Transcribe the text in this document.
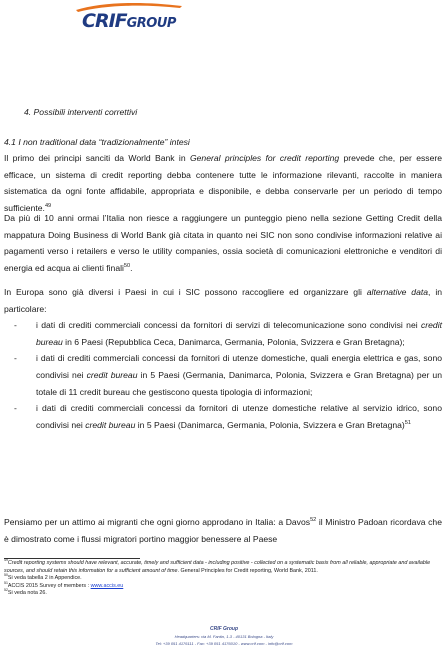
CRIFGROUP
4. Possibili interventi correttivi
4.1 I non traditional data “tradizionalmente” intesi
Il primo dei principi sanciti da World Bank in General principles for credit reporting prevede che, per essere efficace, un sistema di credit reporting debba contenere tutte le informazione rilevanti, raccolte in maniera sistematica da ogni fonte affidabile, appropriata e disponibile, e debba conservarle per un periodo di tempo sufficiente.$^{49}$
Da più di 10 anni ormai l’Italia non riesce a raggiungere un punteggio pieno nella sezione Getting Credit della mappatura Doing Business di World Bank già citata in quanto nei SIC non sono condivise informazioni relative ai pagamenti verso i retailers e verso le utility companies, ossia società di comunicazioni elettroniche e venditori di energia ed acqua ai clienti finali$^{50}$.
In Europa sono già diversi i Paesi in cui i SIC possono raccogliere ed organizzare gli alternative data, in particolare:
- i dati di crediti commerciali concessi da fornitori di servizi di telecomunicazione sono condivisi nei credit bureau in 6 Paesi (Repubblica Ceca, Danimarca, Germania, Polonia, Svizzera e Gran Bretagna);
- i dati di crediti commerciali concessi da fornitori di utenze domestiche, quali energia elettrica e gas, sono condivisi nei credit bureau in 5 Paesi (Germania, Danimarca, Polonia, Svizzera e Gran Bretagna) per un totale di 11 credit bureau che gestiscono questa tipologia di informazioni;
- i dati di crediti commerciali concessi da fornitori di utenze domestiche relative al servizio idrico, sono condivisi nei credit bureau in 5 Paesi (Danimarca, Germania, Polonia, Svizzera e Gran Bretagna)$^{51}$
Pensiamo per un attimo ai migranti che ogni giorno approdano in Italia: a Davos$^{52}$ il Ministro Padoan ricordava che è dimostrato come i flussi migratori portino maggior benessere al Paese
$^{49}$Credit reporting systems should have relevant, accurate, timely and sufficient data - including positive - collected on a systematic basis from all reliable, appropriate and available sources, and should retain this information for a sufficient amount of time. General Principles for Credit reporting, World Bank, 2011.
$^{50}$Si veda tabella 2 in Appendice.
$^{51}$ACCIS 2015 Survey of members : www.accis.eu
$^{52}$Si veda nota 26.
CRIF Group
Headquarters: via M. Fantin, 1-3 - 40131 Bologna - Italy
Tel: +39 051 4176111 - Fax: +39 051 4176010 - www.crif.com - info@crif.com
